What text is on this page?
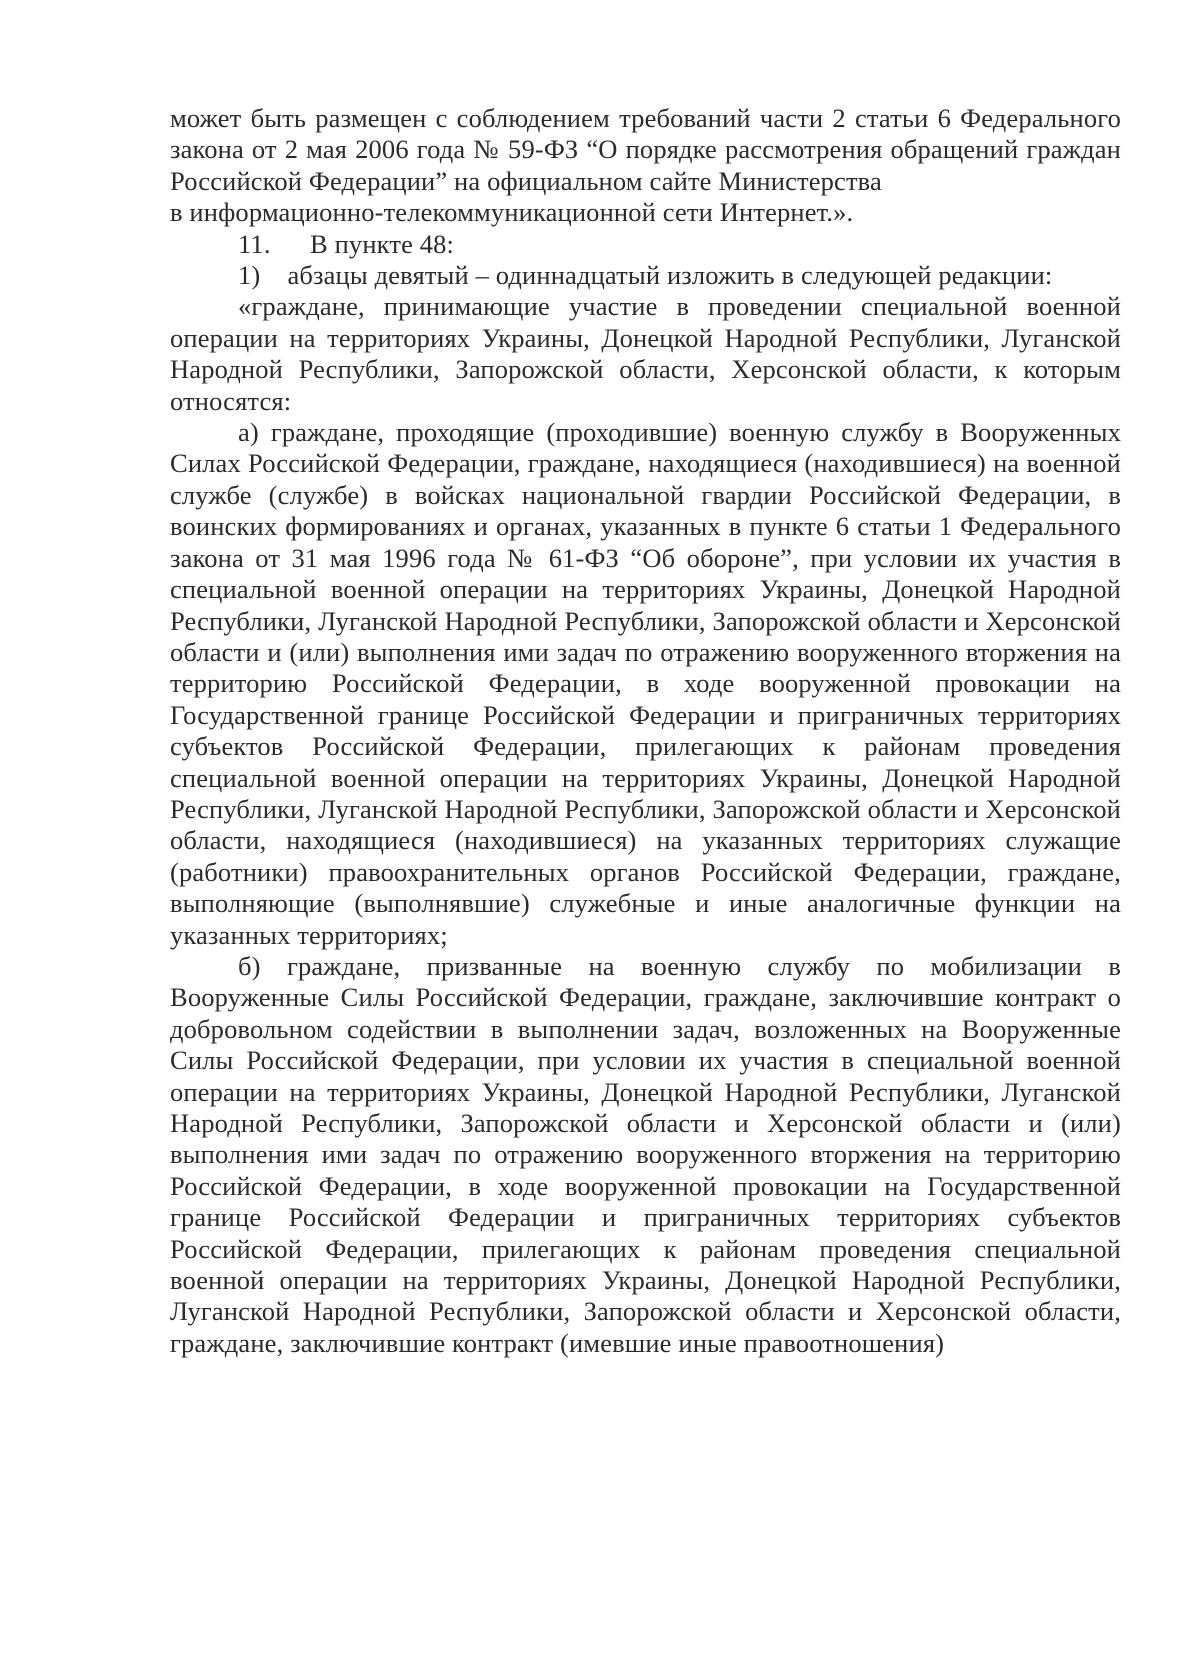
может быть размещен с соблюдением требований части 2 статьи 6 Федерального закона от 2 мая 2006 года № 59-ФЗ “О порядке рассмотрения обращений граждан Российской Федерации” на официальном сайте Министерства

в информационно-телекоммуникационной сети Интернет.».

11.	В пункте 48:

1) абзацы девятый – одиннадцатый изложить в следующей редакции:

«граждане, принимающие участие в проведении специальной военной операции на территориях Украины, Донецкой Народной Республики, Луганской Народной Республики, Запорожской области, Херсонской области, к которым относятся:

а) граждане, проходящие (проходившие) военную службу в Вооруженных Силах Российской Федерации, граждане, находящиеся (находившиеся) на военной службе (службе) в войсках национальной гвардии Российской Федерации, в воинских формированиях и органах, указанных в пункте 6 статьи 1 Федерального закона от 31 мая 1996 года № 61-ФЗ “Об обороне”, при условии их участия в специальной военной операции на территориях Украины, Донецкой Народной Республики, Луганской Народной Республики, Запорожской области и Херсонской области и (или) выполнения ими задач по отражению вооруженного вторжения на территорию Российской Федерации, в ходе вооруженной провокации на Государственной границе Российской Федерации и приграничных территориях субъектов Российской Федерации, прилегающих к районам проведения специальной военной операции на территориях Украины, Донецкой Народной Республики, Луганской Народной Республики, Запорожской области и Херсонской области, находящиеся (находившиеся) на указанных территориях служащие (работники) правоохранительных органов Российской Федерации, граждане, выполняющие (выполнявшие) служебные и иные аналогичные функции на указанных территориях;

б) граждане, призванные на военную службу по мобилизации в Вооруженные Силы Российской Федерации, граждане, заключившие контракт о добровольном содействии в выполнении задач, возложенных на Вооруженные Силы Российской Федерации, при условии их участия в специальной военной операции на территориях Украины, Донецкой Народной Республики, Луганской Народной Республики, Запорожской области и Херсонской области и (или) выполнения ими задач по отражению вооруженного вторжения на территорию Российской Федерации, в ходе вооруженной провокации на Государственной границе Российской Федерации и приграничных территориях субъектов Российской Федерации, прилегающих к районам проведения специальной военной операции на территориях Украины, Донецкой Народной Республики, Луганской Народной Республики, Запорожской области и Херсонской области, граждане, заключившие контракт (имевшие иные правоотношения)
